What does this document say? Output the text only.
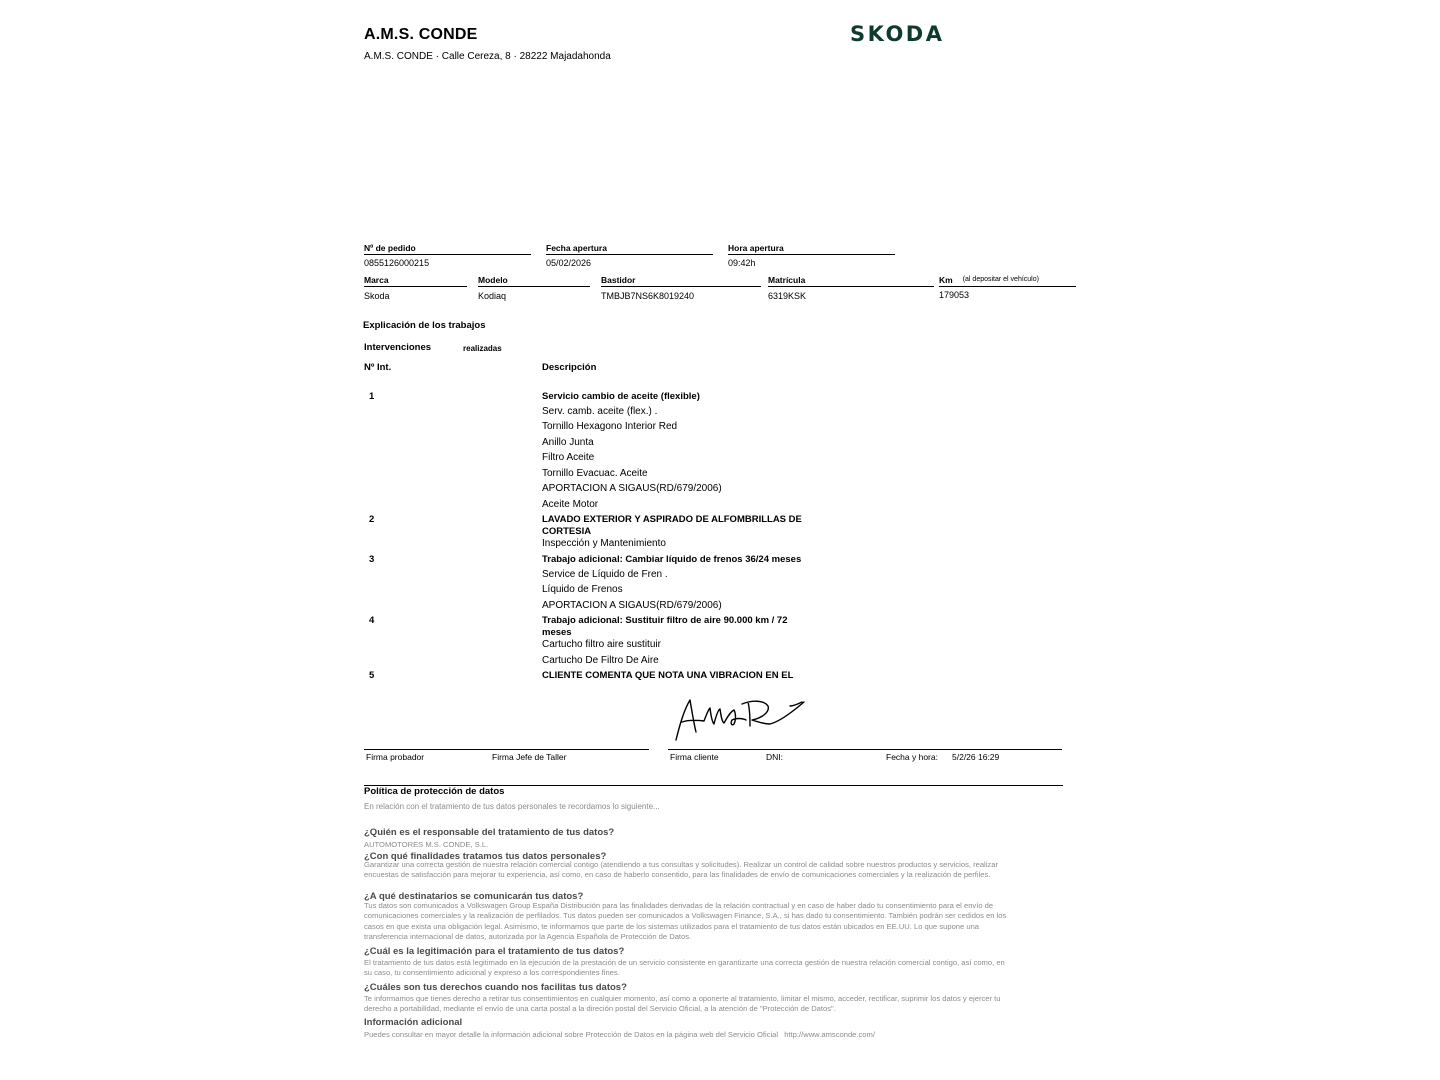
A.M.S. CONDE
A.M.S. CONDE · Calle Cereza, 8 · 28222 Majadahonda
SKODA
Nº de pedido
0855126000215
Fecha apertura
05/02/2026
Hora apertura
09:42h
Marca
Skoda
Modelo
Kodiaq
Bastidor
TMBJB7NS6K8019240
Matrícula
6319KSK
Km $^{(al depositar el vehículo)}$
179053
Explicación de los trabajos
Intervenciones	realizadas
Nº Int.	Descripción
1	Servicio cambio de aceite (flexible)
Serv. camb. aceite (flex.) .
Tornillo Hexagono Interior Red
Anillo Junta
Filtro Aceite
Tornillo Evacuac. Aceite
APORTACION A SIGAUS(RD/679/2006)
Aceite Motor
2	LAVADO EXTERIOR Y ASPIRADO DE ALFOMBRILLAS DE CORTESIA
Inspección y Mantenimiento
3	Trabajo adicional: Cambiar líquido de frenos 36/24 meses
Service de Líquido de Fren .
Líquido de Frenos
APORTACION A SIGAUS(RD/679/2006)
4	Trabajo adicional: Sustituir filtro de aire 90.000 km / 72 meses
Cartucho filtro aire sustituir
Cartucho De Filtro De Aire
5	CLIENTE COMENTA QUE NOTA UNA VIBRACION EN EL
Firma probador	Firma Jefe de Taller	Firma cliente	DNI:	Fecha y hora: 5/2/26 16:29
Política de protección de datos
En relación con el tratamiento de tus datos personales te recordamos lo siguiente...
¿Quién es el responsable del tratamiento de tus datos?
AUTOMOTORES M.S. CONDE, S.L.
¿Con qué finalidades tratamos tus datos personales?
Garantizar una correcta gestión de nuestra relación comercial contigo (atendiendo a tus consultas y solicitudes). Realizar un control de calidad sobre nuestros productos y servicios, realizar encuestas de satisfacción para mejorar tu experiencia, así como, en caso de haberlo consentido, para las finalidades de envío de comunicaciones comerciales y la realización de perfiles.
¿A qué destinatarios se comunicarán tus datos?
Tus datos son comunicados a Volkswagen Group España Distribución para las finalidades derivadas de la relación contractual y en caso de haber dado tu consentimiento para el envío de comunicaciones comerciales y la realización de perfilados. Tus datos pueden ser comunicados a Volkswagen Finance, S.A., si has dado tu consentimiento. También podrán ser cedidos en los casos en que exista una obligación legal. Asimismo, te informamos que parte de los sistemas utilizados para el tratamiento de tus datos están ubicados en EE.UU. Lo que supone una transferencia internacional de datos, autorizada por la Agencia Española de Protección de Datos.
¿Cuál es la legitimación para el tratamiento de tus datos?
El tratamiento de tus datos está legitimado en la ejecución de la prestación de un servicio consistente en garantizarte una correcta gestión de nuestra relación comercial contigo, así como, en su caso, tu consentimiento adicional y expreso a los correspondientes fines.
¿Cuáles son tus derechos cuando nos facilitas tus datos?
Te informamos que tienes derecho a retirar tus consentimientos en cualquier momento, así como a oponerte al tratamiento, limitar el mismo, acceder, rectificar, suprimir los datos y ejercer tu derecho a portabilidad, mediante el envío de una carta postal a la direción postal del Servicio Oficial, a la atención de "Protección de Datos".
Información adicional
Puedes consultar en mayor detalle la información adicional sobre Protección de Datos en la página web del Servicio Oficial http://www.amsconde.com/
